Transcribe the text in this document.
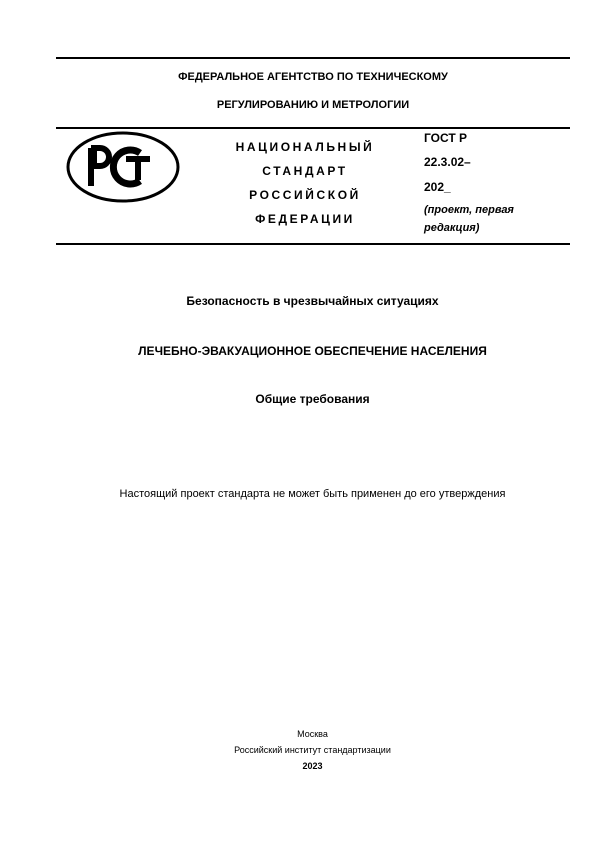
ФЕДЕРАЛЬНОЕ АГЕНТСТВО ПО ТЕХНИЧЕСКОМУ
РЕГУЛИРОВАНИЮ И МЕТРОЛОГИИ
НАЦИОНАЛЬНЫЙ
СТАНДАРТ
РОССИЙСКОЙ
ФЕДЕРАЦИИ
ГОСТ Р
22.3.02–
202_
(проект, первая
редакция)
Безопасность в чрезвычайных ситуациях
ЛЕЧЕБНО-ЭВАКУАЦИОННОЕ ОБЕСПЕЧЕНИЕ НАСЕЛЕНИЯ
Общие требования
Настоящий проект стандарта не может быть применен до его утверждения
Москва
Российский институт стандартизации
2023
